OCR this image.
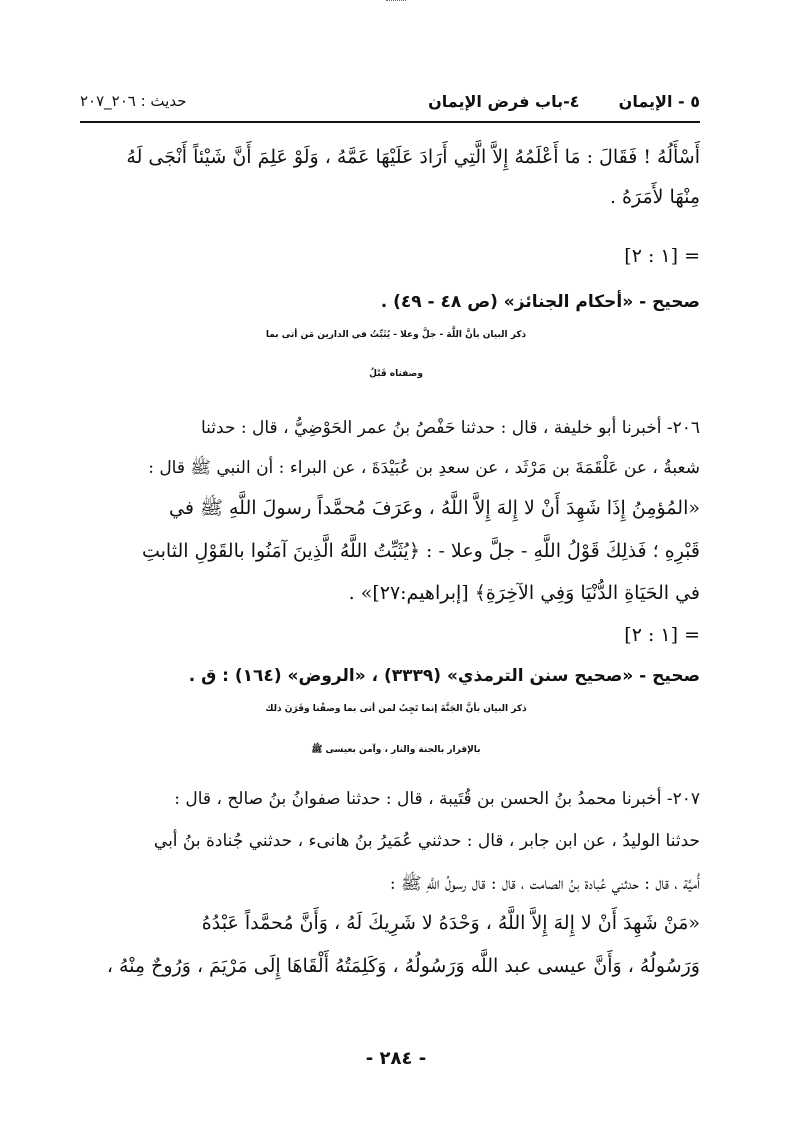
٥ - الإيمان  ٤-باب فرض الإيمان
حديث : ٢٠٦_٢٠٧
أَسْأَلُهُ ! فَقَالَ : مَا أَعْلَمُهُ إِلاَّ الَّتِي أَرَادَ عَلَيْهَا عَمَّهُ ، وَلَوْ عَلِمَ أَنَّ شَيْئاً أَنْجَى لَهُ
مِنْهَا لأَمَرَهُ .
= [١ : ٢]
صحيح - «أحكام الجنائز» (ص ٤٨ - ٤٩) .
ذكر البيان بأنَّ اللَّهَ - جلَّ وعلا - يُثَبِّتُ في الدارين مَن أتى بما
وصفناه قَبْلُ
٢٠٦- أخبرنا أبو خليفة ، قال : حدثنا حَفْصُ بنُ عمر الحَوْضِيُّ ، قال : حدثنا
شعبةُ ، عن عَلْقَمَةَ بن مَرْثَد ، عن سعدِ بن عُبَيْدَةَ ، عن البراء : أن النبي ﷺ قال :
«المُؤمِنُ إِذَا شَهِدَ أَنْ لا إِلهَ إِلاَّ اللَّهُ ، وعَرَفَ مُحمَّداً رسولَ اللَّهِ ﷺ في
قَبْرِهِ ؛ فَذلِكَ قَوْلُ اللَّهِ - جلَّ وعلا - : ﴿يُثَبِّتُ اللَّهُ الَّذِينَ آمَنُوا بالقَوْلِ الثابتِ
في الحَيَاةِ الدُّنْيَا وَفِي الآخِرَةِ﴾ [إبراهيم:٢٧]» .
= [١ : ٢]
صحيح - «صحيح سنن الترمذي» (٣٣٣٩) ، «الروض» (١٦٤) : ق .
ذكر البيان بأنَّ الجَنَّةَ إنما تَجِبُ لمن أتى بما وصفْنا وقَرَنَ ذلك
بالإقرار بالجنة والنار ، وآمن بعيسى ﷺ
٢٠٧- أخبرنا محمدُ بنُ الحسن بن قُتَيبة ، قال : حدثنا صفوانُ بنُ صالح ، قال :
حدثنا الوليدُ ، عن ابن جابر ، قال : حدثني عُمَيرُ بنُ هانىء ، حدثني جُنادة بنُ أبي
أُميَّة ، قال : حدثني عُبادة بنُ الصامت ، قال : قال رسولُ اللَّهِ ﷺ :
«مَنْ شَهِدَ أَنْ لا إِلهَ إِلاَّ اللَّهُ ، وَحْدَهُ لا شَرِيكَ لَهُ ، وَأَنَّ مُحمَّداً عَبْدُهُ
وَرَسُولُهُ ، وَأَنَّ عيسى عبد اللَّه وَرَسُولُهُ ، وَكَلِمَتُهُ أَلْقَاهَا إِلَى مَرْيَمَ ، وَرُوحٌ مِنْهُ ،
- ٢٨٤ -
